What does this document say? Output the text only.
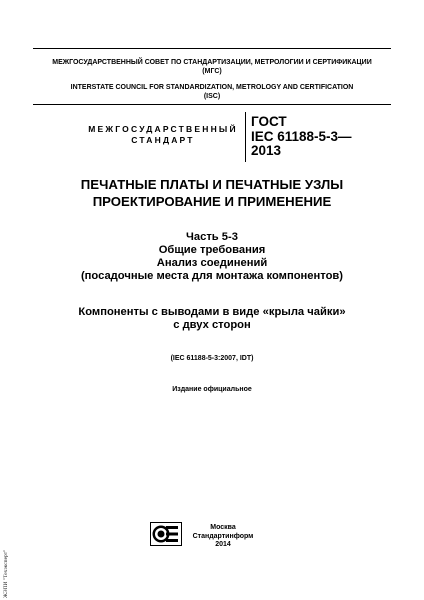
МЕЖГОСУДАРСТВЕННЫЙ СОВЕТ ПО СТАНДАРТИЗАЦИИ, МЕТРОЛОГИИ И СЕРТИФИКАЦИИ
(МГС)
INTERSTATE COUNCIL FOR STANDARDIZATION, METROLOGY AND CERTIFICATION
(ISC)
МЕЖГОСУДАРСТВЕННЫЙ
СТАНДАРТ
ГОСТ
IEC 61188-5-3—
2013
ПЕЧАТНЫЕ ПЛАТЫ И ПЕЧАТНЫЕ УЗЛЫ
ПРОЕКТИРОВАНИЕ И ПРИМЕНЕНИЕ
Часть 5-3
Общие требования
Анализ соединений
(посадочные места для монтажа компонентов)
Компоненты с выводами в виде «крыла чайки»
с двух сторон
(IEC 61188-5-3:2007, IDT)
Издание официальное
ЖЭПИ "Техэксперт"
Москва
Стандартинформ
2014
